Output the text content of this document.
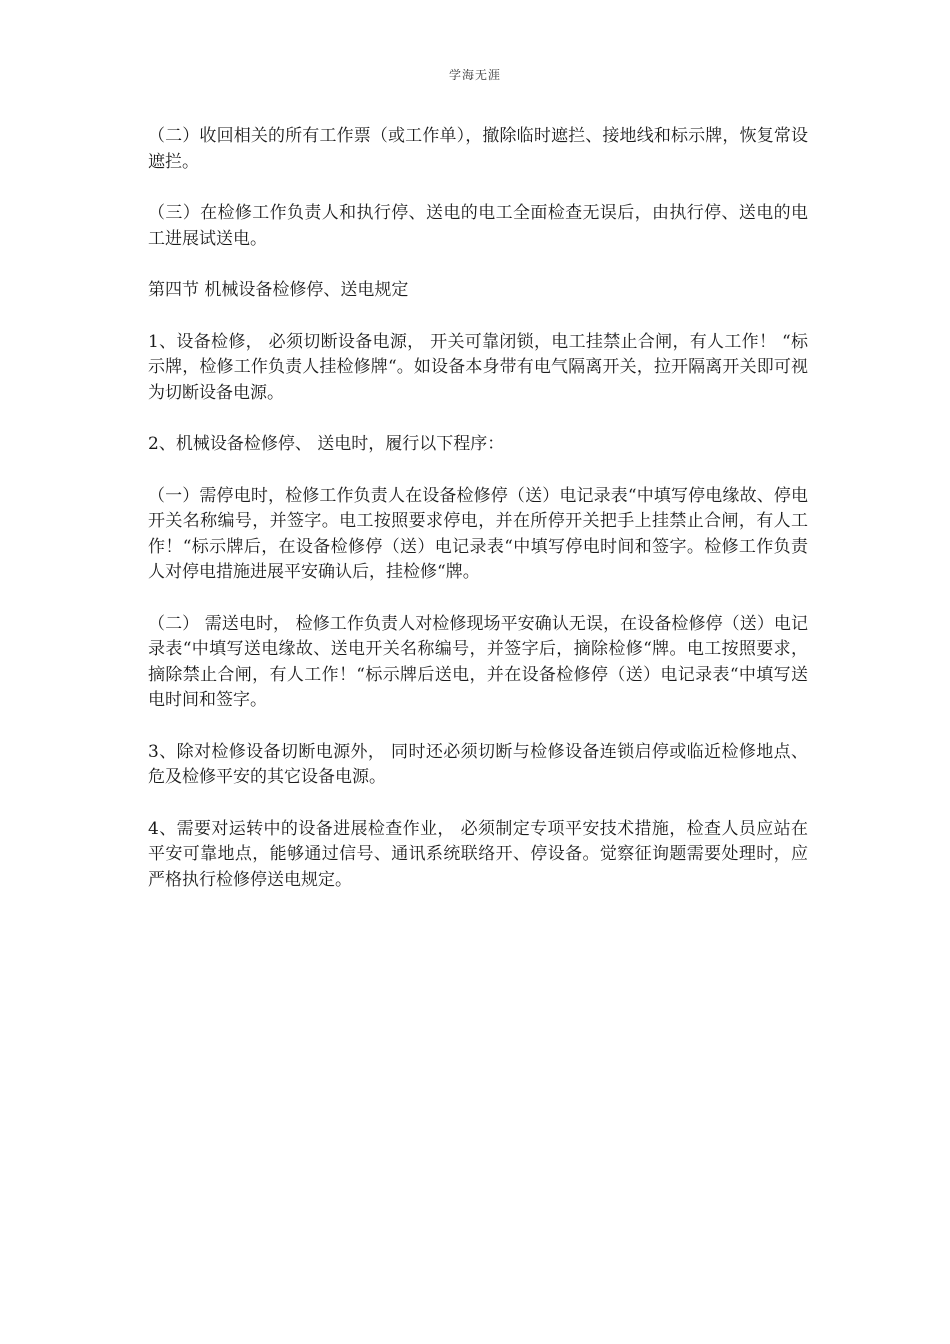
学海无涯

（二）收回相关的所有工作票（或工作单），撤除临时遮拦、接地线和标示牌，恢复常设遮拦。

（三）在检修工作负责人和执行停、送电的电工全面检查无误后，由执行停、送电的电工进展试送电。

第四节 机械设备检修停、送电规定

1、设备检修， 必须切断设备电源， 开关可靠闭锁，电工挂禁止合闸，有人工作！ “标示牌，检修工作负责人挂检修牌“。如设备本身带有电气隔离开关，拉开隔离开关即可视为切断设备电源。

2、机械设备检修停、 送电时，履行以下程序：

（一）需停电时，检修工作负责人在设备检修停（送）电记录表“中填写停电缘故、停电开关名称编号，并签字。电工按照要求停电，并在所停开关把手上挂禁止合闸，有人工作！“标示牌后，在设备检修停（送）电记录表“中填写停电时间和签字。检修工作负责人对停电措施进展平安确认后，挂检修“牌。

（二） 需送电时， 检修工作负责人对检修现场平安确认无误，在设备检修停（送）电记录表“中填写送电缘故、送电开关名称编号，并签字后，摘除检修“牌。电工按照要求，摘除禁止合闸，有人工作！“标示牌后送电，并在设备检修停（送）电记录表“中填写送电时间和签字。

3、除对检修设备切断电源外， 同时还必须切断与检修设备连锁启停或临近检修地点、危及检修平安的其它设备电源。

4、需要对运转中的设备进展检查作业， 必须制定专项平安技术措施，检查人员应站在平安可靠地点，能够通过信号、通讯系统联络开、停设备。觉察征询题需要处理时，应严格执行检修停送电规定。
